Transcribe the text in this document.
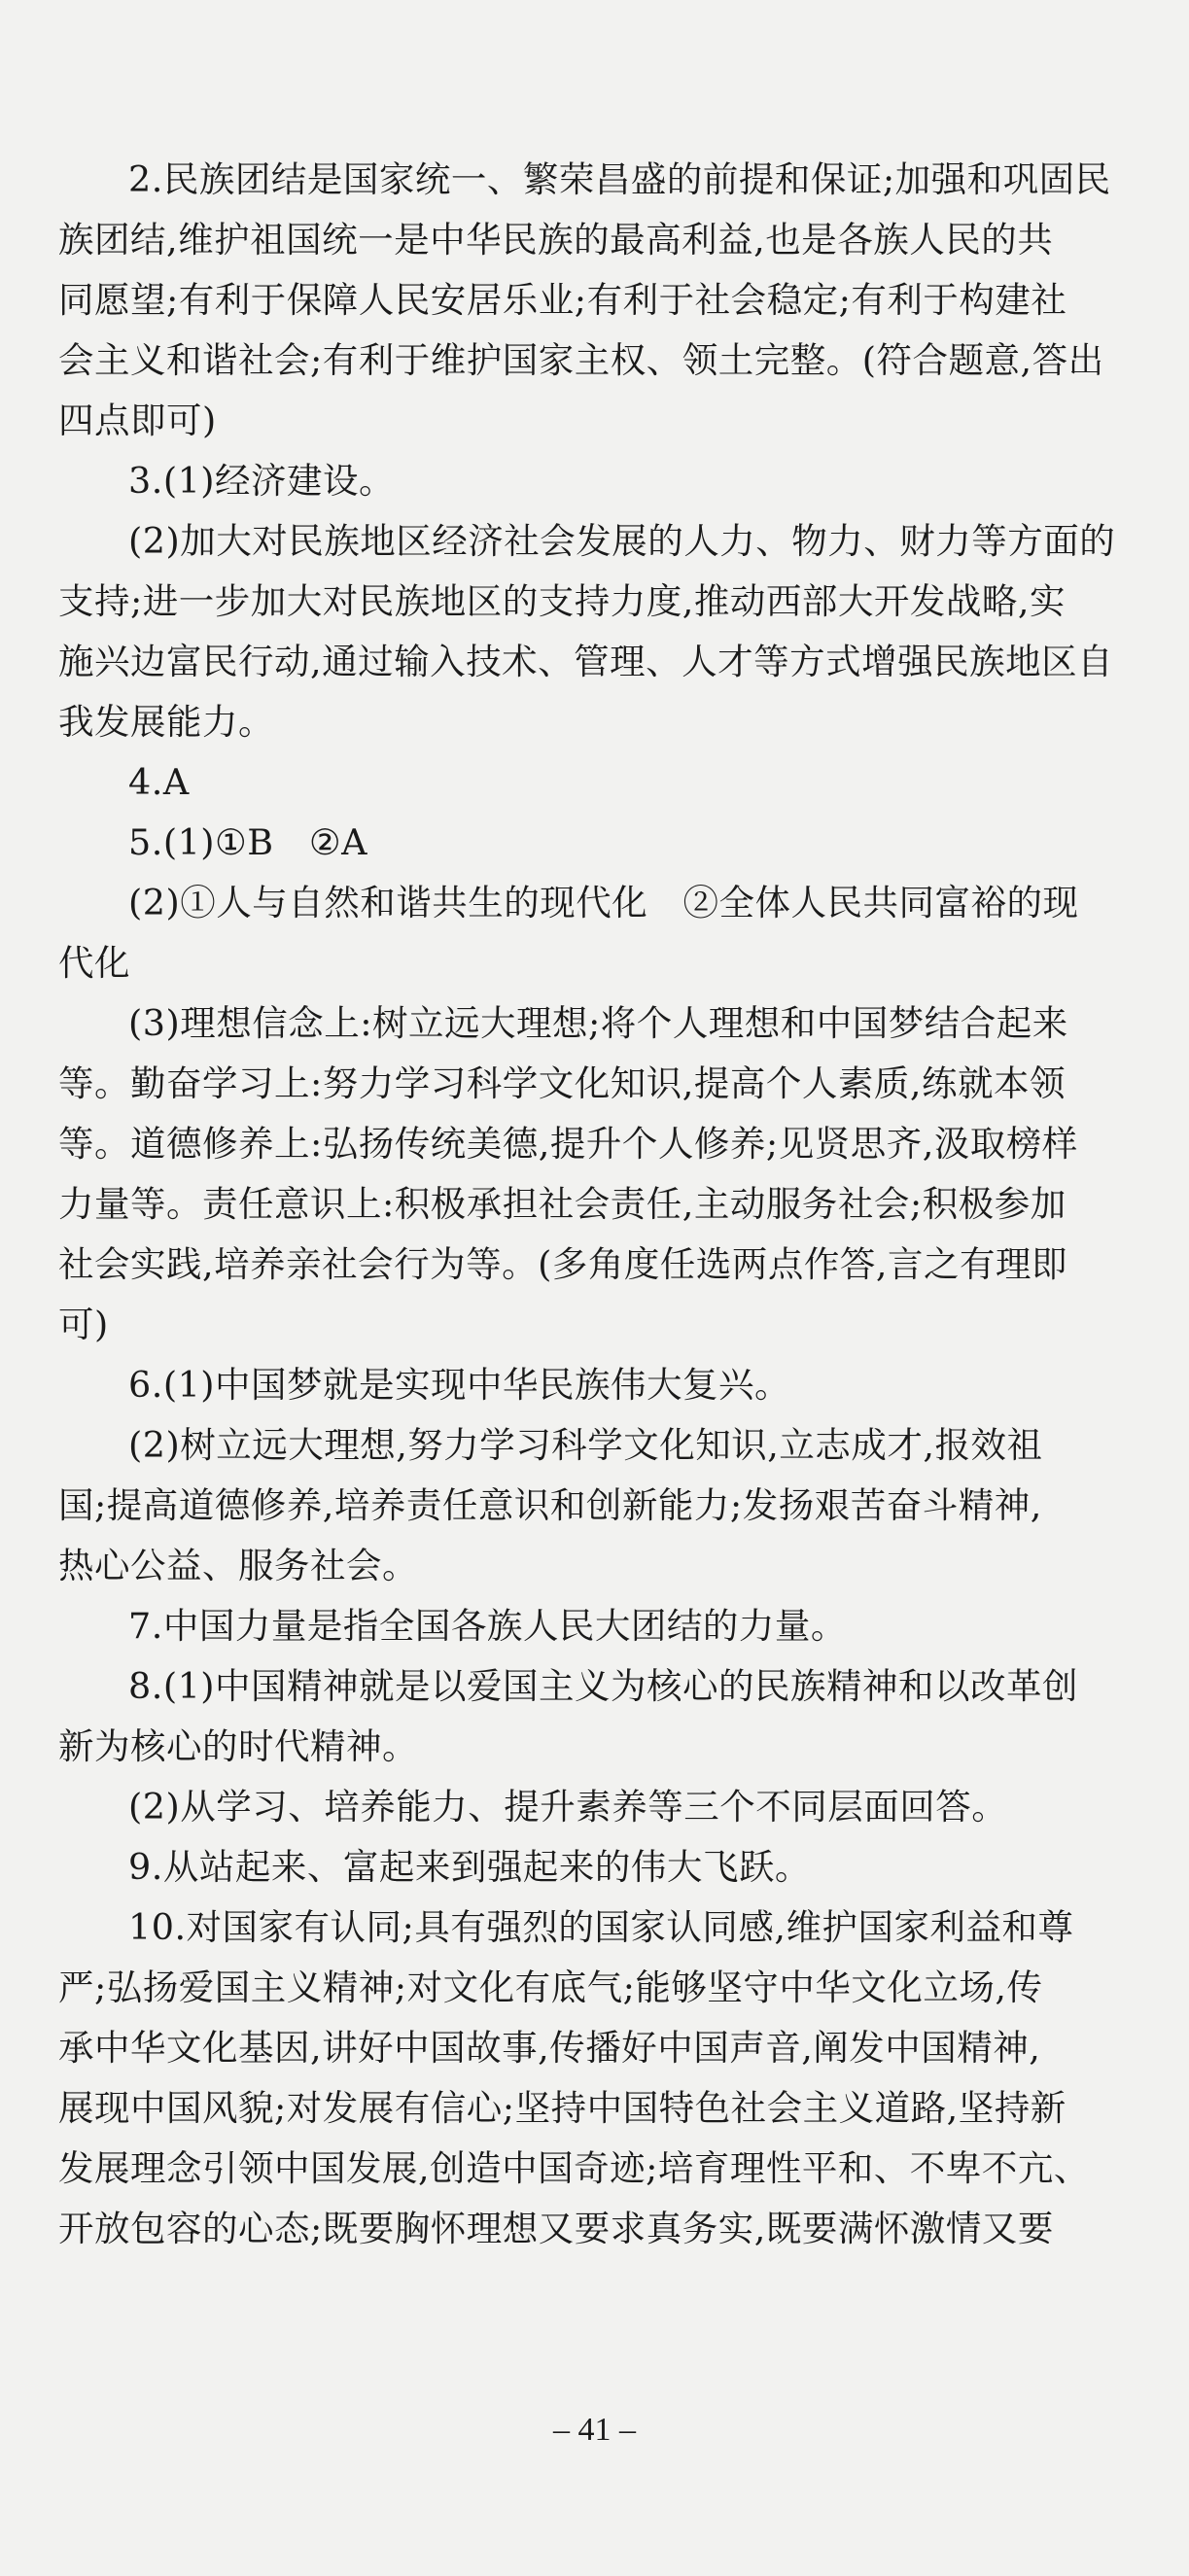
2.民族团结是国家统一、繁荣昌盛的前提和保证;加强和巩固民
族团结,维护祖国统一是中华民族的最高利益,也是各族人民的共
同愿望;有利于保障人民安居乐业;有利于社会稳定;有利于构建社
会主义和谐社会;有利于维护国家主权、领土完整。(符合题意,答出
四点即可)
3.(1)经济建设。
(2)加大对民族地区经济社会发展的人力、物力、财力等方面的
支持;进一步加大对民族地区的支持力度,推动西部大开发战略,实
施兴边富民行动,通过输入技术、管理、人才等方式增强民族地区自
我发展能力。
4.A
5.(1)①B   ②A
(2)①人与自然和谐共生的现代化   ②全体人民共同富裕的现
代化
(3)理想信念上:树立远大理想;将个人理想和中国梦结合起来
等。勤奋学习上:努力学习科学文化知识,提高个人素质,练就本领
等。道德修养上:弘扬传统美德,提升个人修养;见贤思齐,汲取榜样
力量等。责任意识上:积极承担社会责任,主动服务社会;积极参加
社会实践,培养亲社会行为等。(多角度任选两点作答,言之有理即
可)
6.(1)中国梦就是实现中华民族伟大复兴。
(2)树立远大理想,努力学习科学文化知识,立志成才,报效祖
国;提高道德修养,培养责任意识和创新能力;发扬艰苦奋斗精神,
热心公益、服务社会。
7.中国力量是指全国各族人民大团结的力量。
8.(1)中国精神就是以爱国主义为核心的民族精神和以改革创
新为核心的时代精神。
(2)从学习、培养能力、提升素养等三个不同层面回答。
9.从站起来、富起来到强起来的伟大飞跃。
10.对国家有认同;具有强烈的国家认同感,维护国家利益和尊
严;弘扬爱国主义精神;对文化有底气;能够坚守中华文化立场,传
承中华文化基因,讲好中国故事,传播好中国声音,阐发中国精神,
展现中国风貌;对发展有信心;坚持中国特色社会主义道路,坚持新
发展理念引领中国发展,创造中国奇迹;培育理性平和、不卑不亢、
开放包容的心态;既要胸怀理想又要求真务实,既要满怀激情又要
– 41 –
